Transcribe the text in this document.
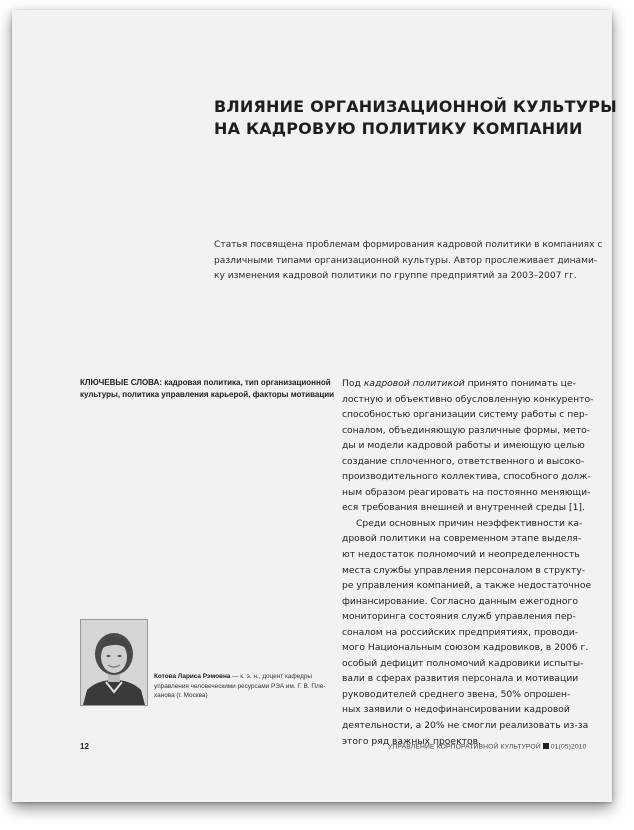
ВЛИЯНИЕ ОРГАНИЗАЦИОННОЙ КУЛЬТУРЫ
НА КАДРОВУЮ ПОЛИТИКУ КОМПАНИИ

Статья посвящена проблемам формирования кадровой политики в компаниях с
различными типами организационной культуры. Автор прослеживает динами-
ку изменения кадровой политики по группе предприятий за 2003–2007 гг.

КЛЮЧЕВЫЕ СЛОВА: кадровая политика, тип организационной
культуры, политика управления карьерой, факторы мотивации

Под кадровой политикой принято понимать це-
лостную и объективно обусловленную конкуренто-
способностью организации систему работы с пер-
соналом, объединяющую различные формы, мето-
ды и модели кадровой работы и имеющую целью
создание сплоченного, ответственного и высоко-
производительного коллектива, способного долж-
ным образом реагировать на постоянно меняющи-
еся требования внешней и внутренней среды [1].
Среди основных причин неэффективности ка-
дровой политики на современном этапе выделя-
ют недостаток полномочий и неопределенность
места службы управления персоналом в структу-
ре управления компанией, а также недостаточное
финансирование. Согласно данным ежегодного
мониторинга состояния служб управления пер-
соналом на российских предприятиях, проводи-
мого Национальным союзом кадровиков, в 2006 г.
особый дефицит полномочий кадровики испыты-
вали в сферах развития персонала и мотивации
руководителей среднего звена, 50% опрошен-
ных заявили о недофинансировании кадровой
деятельности, а 20% не смогли реализовать из-за
этого ряд важных проектов.

Котова Лариса Рэмовна — к. э. н., доцент кафедры
управления человеческими ресурсами РЭА им. Г. В. Пле-
ханова (г. Москва)

12	УПРАВЛЕНИЕ КОРПОРАТИВНОЙ КУЛЬТУРОЙ 01(05)2010
